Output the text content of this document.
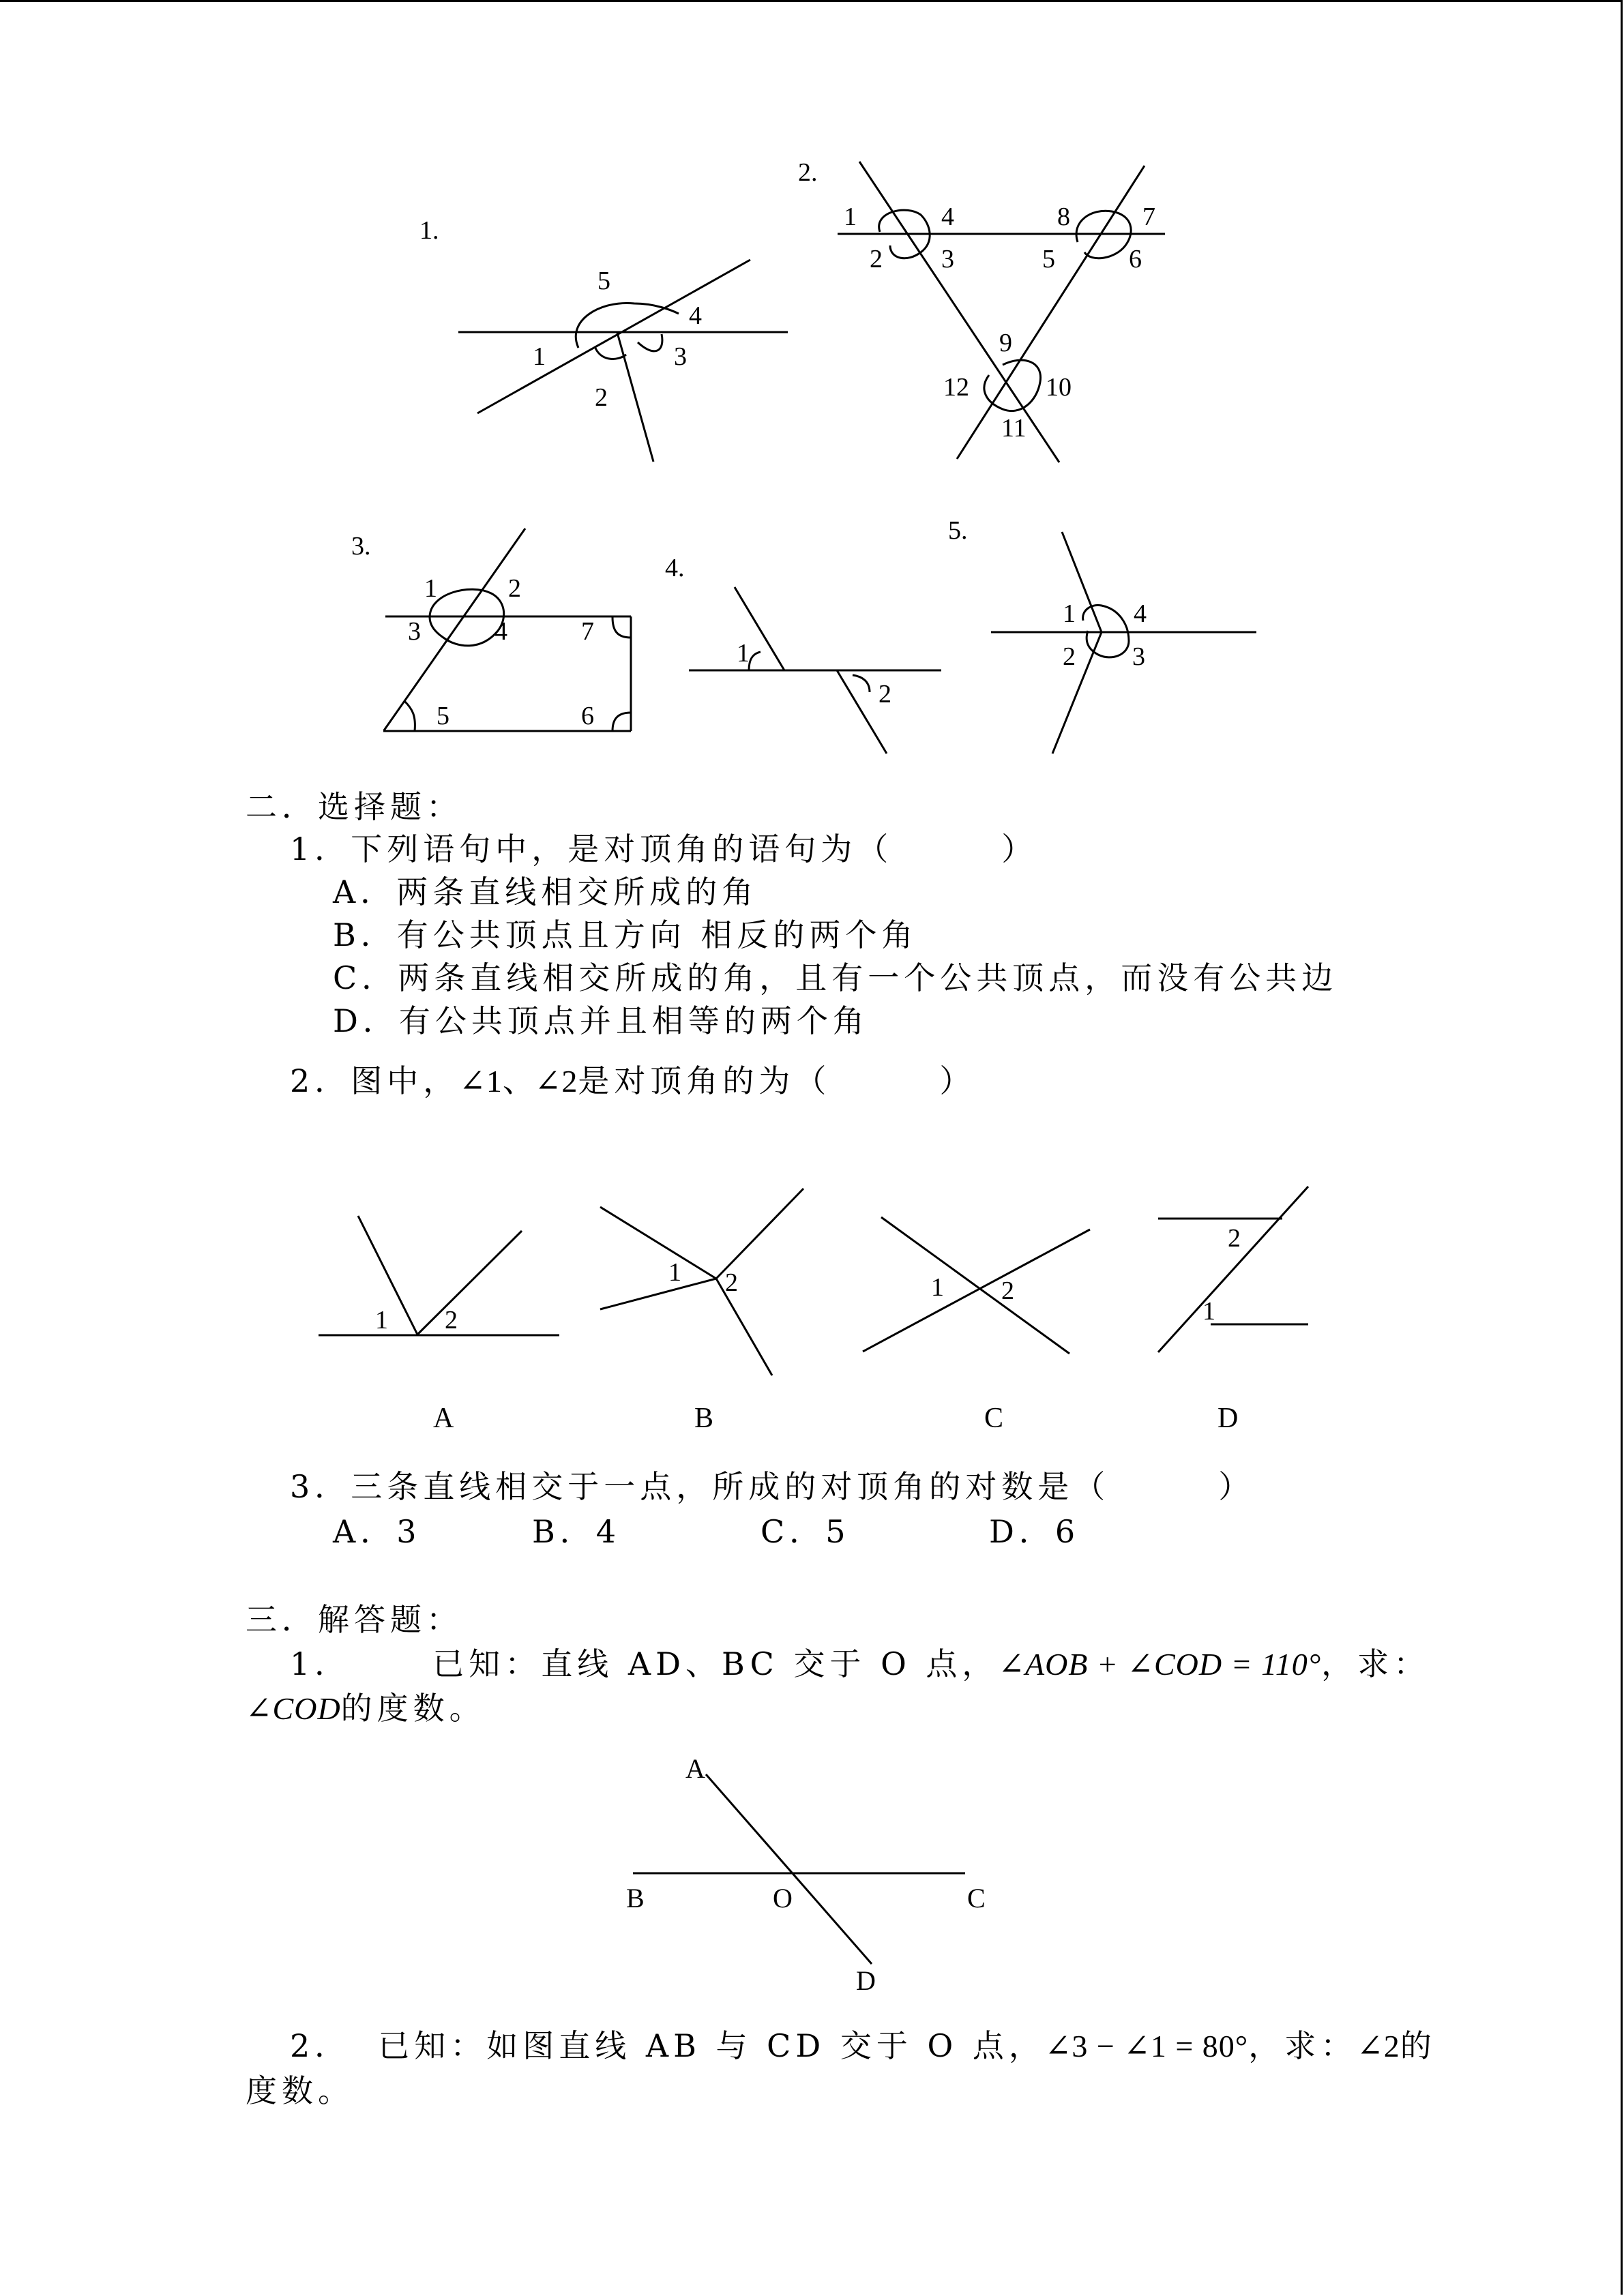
1.
5
4
1	3
2
2.
1	4
2 3
8	7
5	6
9
12	10
11
3.
1	2
3	4	7
5	6
4.
1
2
5.
1 4
2 3
1 2
A
1 2
B
1 2
C
2
1
D
A
B	O	C
D
二．选择题：
1．下列语句中，是对顶角的语句为（　　　）
A．两条直线相交所成的角
B．有公共顶点且方向 相反的两个角
C．两条直线相交所成的角，且有一个公共顶点，而没有公共边
D．有公共顶点并且相等的两个角
2．图中，∠1、∠2是对顶角的为（　　　）
3．三条直线相交于一点，所成的对顶角的对数是（　　　）
A．3	B．4	C．5	D．6
三．解答题：
1．	已知：直线 AD、BC 交于 O 点，∠AOB + ∠COD = 110°，求：
∠COD的度数。
2． 已知：如图直线 AB 与 CD 交于 O 点，∠3 − ∠1 = 80°，求：∠2的
度数。
